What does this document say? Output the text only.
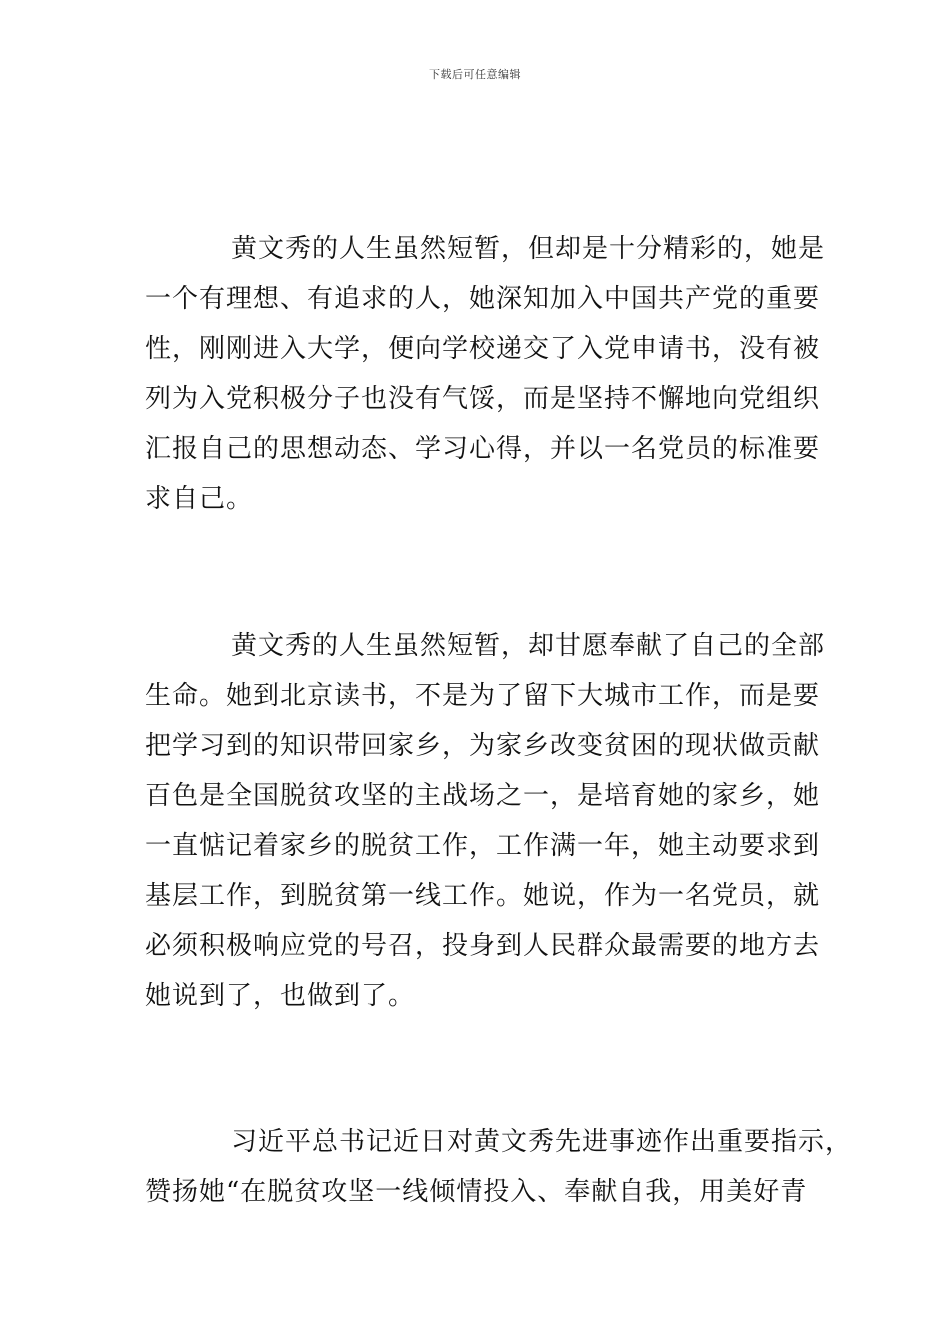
下载后可任意编辑
黄文秀的人生虽然短暂，但却是十分精彩的，她是
一个有理想、有追求的人，她深知加入中国共产党的重要
性，刚刚进入大学，便向学校递交了入党申请书，没有被
列为入党积极分子也没有气馁，而是坚持不懈地向党组织
汇报自己的思想动态、学习心得，并以一名党员的标准要
求自己。
黄文秀的人生虽然短暂，却甘愿奉献了自己的全部
生命。她到北京读书，不是为了留下大城市工作，而是要
把学习到的知识带回家乡，为家乡改变贫困的现状做贡献
百色是全国脱贫攻坚的主战场之一，是培育她的家乡，她
一直惦记着家乡的脱贫工作，工作满一年，她主动要求到
基层工作，到脱贫第一线工作。她说，作为一名党员，就
必须积极响应党的号召，投身到人民群众最需要的地方去
她说到了，也做到了。
习近平总书记近日对黄文秀先进事迹作出重要指示，
赞扬她“在脱贫攻坚一线倾情投入、奉献自我，用美好青
